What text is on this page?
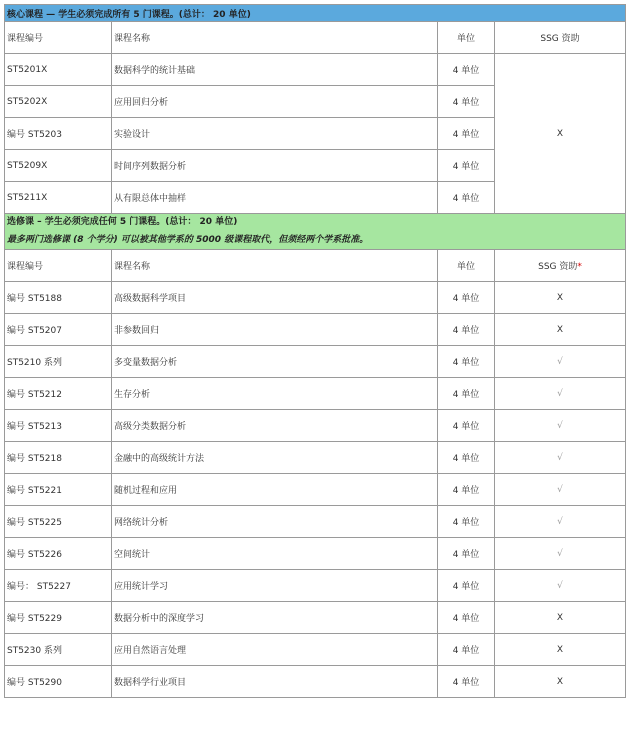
核心课程 — 学生必须完成所有 5 门课程。(总计： 20 单位)			
课程编号	课程名称	单位	SSG 资助
ST5201X	数据科学的统计基础	4 单位	X
ST5202X	应用回归分析	4 单位	
编号 ST5203	实验设计	4 单位	
ST5209X	时间序列数据分析	4 单位	
ST5211X	从有限总体中抽样	4 单位	

选修课 – 学生必须完成任何 5 门课程。(总计： 20 单位)
最多两门选修课 (8 个学分) 可以被其他学系的 5000 级课程取代，但须经两个学系批准。			

课程编号	课程名称	单位	SSG 资助*
编号 ST5188	高级数据科学项目	4 单位	X
编号 ST5207	非参数回归	4 单位	X
ST5210 系列	多变量数据分析	4 单位	√
编号 ST5212	生存分析	4 单位	√
编号 ST5213	高级分类数据分析	4 单位	√
编号 ST5218	金融中的高级统计方法	4 单位	√
编号 ST5221	随机过程和应用	4 单位	√
编号 ST5225	网络统计分析	4 单位	√
编号 ST5226	空间统计	4 单位	√
编号： ST5227	应用统计学习	4 单位	√
编号 ST5229	数据分析中的深度学习	4 单位	X
ST5230 系列	应用自然语言处理	4 单位	X
编号 ST5290	数据科学行业项目	4 单位	X
